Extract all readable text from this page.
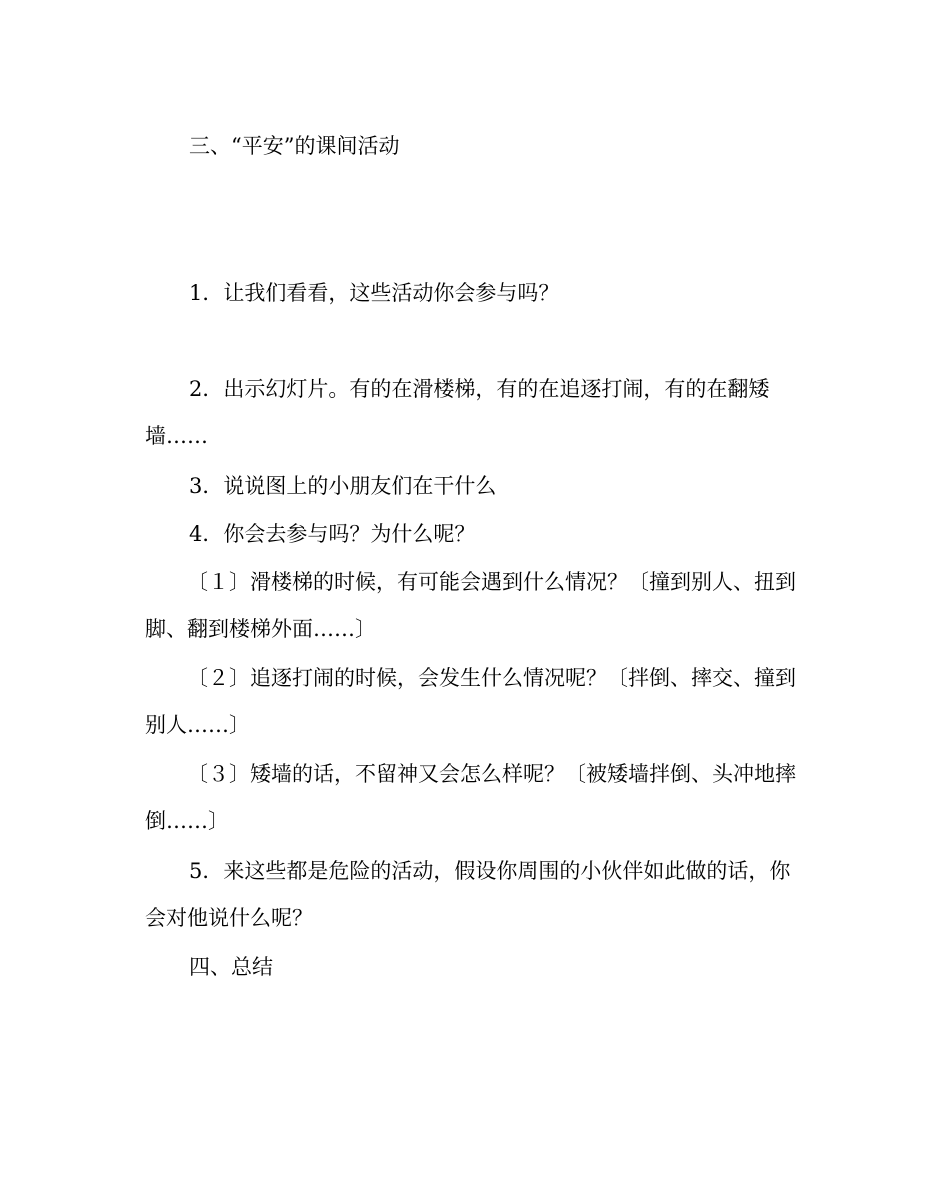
三、“平安”的课间活动

1．让我们看看，这些活动你会参与吗？

2．出示幻灯片。有的在滑楼梯，有的在追逐打闹，有的在翻矮墙……

3．说说图上的小朋友们在干什么

4．你会去参与吗？为什么呢？

〔１〕滑楼梯的时候，有可能会遇到什么情况？〔撞到别人、扭到脚、翻到楼梯外面……〕

〔２〕追逐打闹的时候，会发生什么情况呢？〔拌倒、摔交、撞到别人……〕

〔３〕矮墙的话，不留神又会怎么样呢？〔被矮墙拌倒、头冲地摔倒……〕

5．来这些都是危险的活动，假设你周围的小伙伴如此做的话，你会对他说什么呢？

四、总结
